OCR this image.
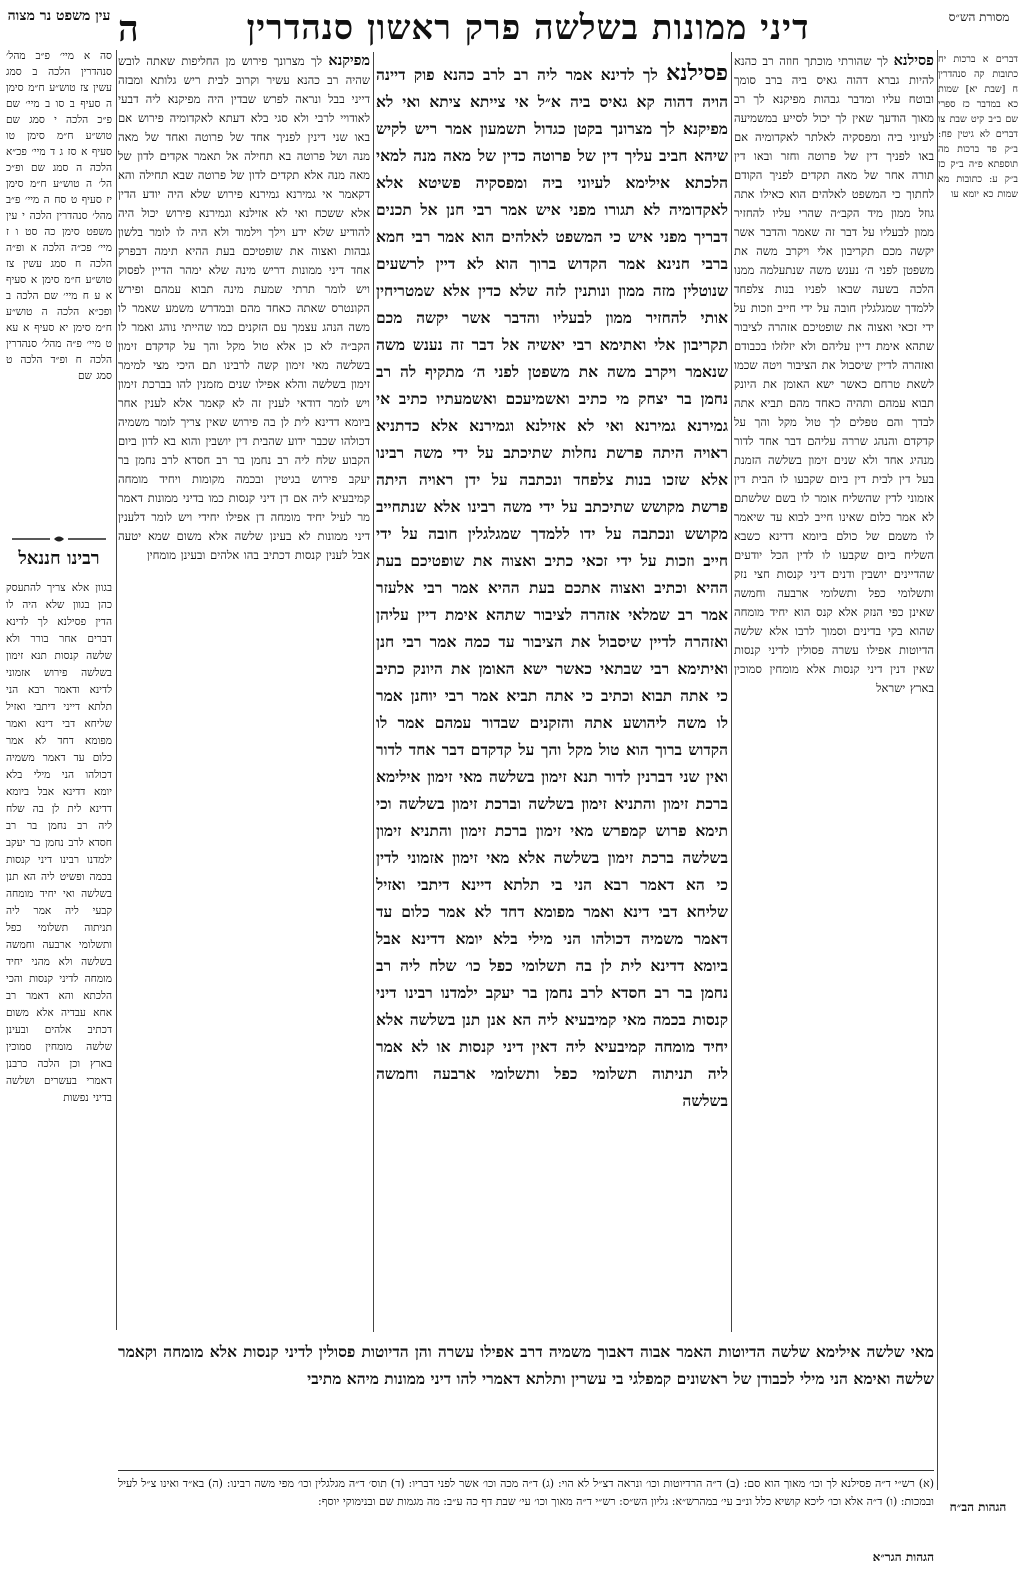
דיני ממונות בשלשה פרק ראשון סנהדרין
עין משפט נר מצוה	מסורת הש״ס
ה
סה א מיי׳ פ״ב מהל׳ סנהדרין הלכה ב סמג עשין צז טוש״ע ח״מ סימן ה סעיף ב סו ב מיי׳ שם פ״כ הלכה י סמג שם טוש״ע ח״מ סימן טו סעיף א סז ג ד מיי׳ פכ״א הלכה ה סמג שם ופ״כ הל׳ ה טוש״ע ח״מ סימן יז סעיף ט סח ה מיי׳ פ״ב מהל׳ סנהדרין הלכה י עין משפט סימן כה סט ו ז מיי׳ פכ״ה הלכה א ופ״ה הלכה ח סמג עשין צז טוש״ע ח״מ סימן א סעיף א ע ח מיי׳ שם הלכה ב ופכ״א הלכה ה טוש״ע ח״מ סימן יא סעיף א עא ט מיי׳ פ״ה מהל׳ סנהדרין הלכה ח ופ״ד הלכה ט סמג שם
רבינו חננאל
בגוון אלא צריך להתעסק כהן בגוון שלא היה לו הדין פסילנא לך לדינא דברים אחר בורר ולא שלשה קנסות תנא זימון בשלשה פירוש אזמוני לדינא ודאמר רבא הני תלתא דייני דיתבי ואזיל שליחא דבי דינא ואמר מפומא דחד לא אמר כלום עד דאמר משמיה דכולהו הני מילי בלא יומא דדינא אבל ביומא דדינא לית לן בה שלח ליה רב נחמן בר רב חסדא לרב נחמן בר יעקב ילמדנו רבינו דיני קנסות בכמה ופשיט ליה הא תנן בשלשה ואי יחיד מומחה קבעי ליה אמר ליה תניתוה תשלומי כפל ותשלומי ארבעה וחמשה בשלשה ולא מהני יחיד מומחה לדיני קנסות והכי הלכתא והא דאמר רב אחא עבדיה אלא משום דכתיב אלהים ובעינן שלשה מומחין סמוכין בארץ וכן הלכה כרבנן דאמרי בעשרים ושלשה בדיני נפשות
מפיקנא לך מצרונך פירוש מן החליפות שאתה לובש שהיה רב כהנא עשיר וקרוב לבית ריש גלותא ומבזה דייני בבל ונראה לפרש שבדין היה מפיקנא ליה דבעי לאודויי לרבי ולא סגי בלא דעתא לאקדומיה פירוש אם באו שני דינין לפניך אחד של פרוטה ואחד של מאה מנה ושל פרוטה בא תחילה אל תאמר אקדים לדון של מאה מנה אלא תקדים לדון של פרוטה שבא תחילה והא דקאמר אי גמירנא גמירנא פירוש שלא היה יודע הדין אלא ששכח ואי לא אזילנא וגמירנא פירוש יכול היה להודיע שלא ידע וילך וילמוד ולא היה לו לומר בלשון גבהות ואצוה את שופטיכם בעת ההיא תימה דבפרק אחד דיני ממונות דריש מינה שלא ימהר הדיין לפסוק ויש לומר תרתי שמעת מינה תבוא עמהם ופירש הקונטרס שאתה כאחד מהם ובמדרש משמע שאמר לו משה הנהג עצמך עם הזקנים כמו שהייתי נוהג ואמר לו הקב״ה לא כן אלא טול מקל והך על קדקדם זימון בשלשה מאי זימון קשה לרבינו תם היכי מצי למימר זימון בשלשה והלא אפילו שנים מזמנין להו בברכת זימון ויש לומר דודאי לענין זה לא קאמר אלא לענין אחר ביומא דדינא לית לן בה פירוש שאין צריך לומר משמיה דכולהו שכבר ידוע שהבית דין יושבין והוא בא לדון ביום הקבוע שלח ליה רב נחמן בר רב חסדא לרב נחמן בר יעקב פירוש בגיטין ובכמה מקומות ויחיד מומחה קמיבעיא ליה אם דן דיני קנסות כמו בדיני ממונות דאמר מר לעיל יחיד מומחה דן אפילו יחידי ויש לומר דלענין דיני ממונות לא בעינן שלשה אלא משום שמא יטעה אבל לענין קנסות דכתיב בהו אלהים ובעינן מומחין
פסילנא לך לדינא אמר ליה רב לרב כהנא פוק דיינה הויה דהוה קא גאיס ביה א״ל אי צייתא ציתא ואי לא מפיקנא לך מצרונך בקטן כגדול תשמעון אמר ריש לקיש שיהא חביב עליך דין של פרוטה כדין של מאה מנה למאי הלכתא אילימא לעיוני ביה ומפסקיה פשיטא אלא לאקדומיה לא תגורו מפני איש אמר רבי חנן אל תכנים דבריך מפני איש כי המשפט לאלהים הוא אמר רבי חמא ברבי חנינא אמר הקדוש ברוך הוא לא דיין לרשעים שנוטלין מזה ממון ונותנין לזה שלא כדין אלא שמטריחין אותי להחזיר ממון לבעליו והדבר אשר יקשה מכם תקריבון אלי ואתימא רבי יאשיה אל דבר זה נענש משה שנאמר ויקרב משה את משפטן לפני ה׳ מתקיף לה רב נחמן בר יצחק מי כתיב ואשמיעכם ואשמעתיו כתיב אי גמירנא גמירנא ואי לא אזילנא וגמירנא אלא כדתניא ראויה היתה פרשת נחלות שתיכתב על ידי משה רבינו אלא שזכו בנות צלפחד ונכתבה על ידן ראויה היתה פרשת מקושש שתיכתב על ידי משה רבינו אלא שנתחייב מקושש ונכתבה על ידו ללמדך שמגלגלין חובה על ידי חייב וזכות על ידי זכאי כתיב ואצוה את שופטיכם בעת ההיא וכתיב ואצוה אתכם בעת ההיא אמר רבי אלעזר אמר רב שמלאי אזהרה לציבור שתהא אימת דיין עליהן ואזהרה לדיין שיסבול את הציבור עד כמה אמר רבי חנן ואיתימא רבי שבתאי כאשר ישא האומן את היונק כתיב כי אתה תבוא וכתיב כי אתה תביא אמר רבי יוחנן אמר לו משה ליהושע אתה והזקנים שבדור עמהם אמר לו הקדוש ברוך הוא טול מקל והך על קדקדם דבר אחד לדור ואין שני דברנין לדור תנא זימון בשלשה מאי זימון אילימא ברכת זימון והתניא זימון בשלשה וברכת זימון בשלשה וכי תימא פרוש קמפרש מאי זימון ברכת זימון והתניא זימון בשלשה ברכת זימון בשלשה אלא מאי זימון אזמוני לדין כי הא דאמר רבא הני בי תלתא דיינא דיתבי ואזיל שליחא דבי דינא ואמר מפומא דחד לא אמר כלום עד דאמר משמיה דכולהו הני מילי בלא יומא דדינא אבל ביומא דדינא לית לן בה תשלומי כפל כו׳ שלח ליה רב נחמן בר רב חסדא לרב נחמן בר יעקב ילמדנו רבינו דיני קנסות בכמה מאי קמיבעיא ליה הא אנן תנן בשלשה אלא יחיד מומחה קמיבעיא ליה דאין דיני קנסות או לא אמר ליה תניתוה תשלומי כפל ותשלומי ארבעה וחמשה בשלשה
פסילנא לך שהורתי מוכתך חוזה רב כהנא להיות גברא דהוה גאיס ביה ברב סומך ובוטח עליו ומדבר גבהות מפיקנא לך רב מאוך הודעך שאין לך יכול לסייע במשמיעה לעיוני ביה ומפסקיה לאלתר לאקדומיה אם באו לפניך דין של פרוטה וחזר ובאו דין תורה אחר של מאה תקדים לפניך הקודם לחתוך כי המשפט לאלהים הוא כאילו אתה גוזל ממון מיד הקב״ה שהרי עליו להחזיר ממון לבעליו על דבר זה שאמר והדבר אשר יקשה מכם תקריבון אלי ויקרב משה את משפטן לפני ה׳ נענש משה שנתעלמה ממנו הלכה בשעה שבאו לפניו בנות צלפחד ללמדך שמגלגלין חובה על ידי חייב וזכות על ידי זכאי ואצוה את שופטיכם אזהרה לציבור שתהא אימת דיין עליהם ולא יזלזלו בכבודם ואזהרה לדיין שיסבול את הציבור ויטה שכמו לשאת טרחם כאשר ישא האומן את היונק תבוא עמהם ותהיה כאחד מהם תביא אתה לבדך והם טפלים לך טול מקל והך על קדקדם והנהג שררה עליהם דבר אחד לדור מנהיג אחד ולא שנים זימון בשלשה הזמנת בעל דין לבית דין ביום שקבעו לו הבית דין אזמוני לדין שהשליח אומר לו בשם שלשתם לא אמר כלום שאינו חייב לבוא עד שיאמר לו משמם של כולם ביומא דדינא כשבא השליח ביום שקבעו לו לדין הכל יודעים שהדיינים יושבין ודנים דיני קנסות חצי נזק ותשלומי כפל ותשלומי ארבעה וחמשה שאינן כפי הנזק אלא קנס הוא יחיד מומחה שהוא בקי בדינים וסמוך לרבו אלא שלשה הדיוטות אפילו עשרה פסולין לדיני קנסות שאין דנין דיני קנסות אלא מומחין סמוכין בארץ ישראל
דברים א ברכות יח כתובות קה סנהדרין ח [שבת יא] שמות כא במדבר כז ספרי שם ב״ב קיט שבת צו דברים לא גיטין פח: ב״ק פד ברכות מה תוספתא פ״ה ב״ק כז ב״ק ע: כתובות מא שמות כא יומא עו
מאי שלשה אילימא שלשה הדיוטות האמר אבוה דאבוך משמיה דרב אפילו עשרה והן הדיוטות פסולין לדיני קנסות אלא מומחה וקאמר שלשה ואימא הני מילי לכבודן של ראשונים קמפלגי בי עשרין ותלתא דאמרי להו דיני ממונות מיהא מתיבי
(א) רש״י ד״ה פסילנא לך וכו׳ מאוך הוא סם: (ב) ד״ה הרדיוטות וכו׳ ונראה דצ״ל לא הוי: (ג) ד״ה מכה וכו׳ אשר לפני דבריו: (ד) תוס׳ ד״ה מגלגלין וכו׳ מפי משה רבינו: (ה) בא״ד ואינו צ״ל לעיל ובמכות: (ו) ד״ה אלא וכו׳ ליכא קושיא כלל ונ״ב עי׳ במהרש״א: גליון הש״ס: רש״י ד״ה מאוך וכו׳ עי׳ שבת דף כה ע״ב: מה מגמות שם ובנימוקי יוסף:	הגהות הב״ח
הגהות הגר״א
